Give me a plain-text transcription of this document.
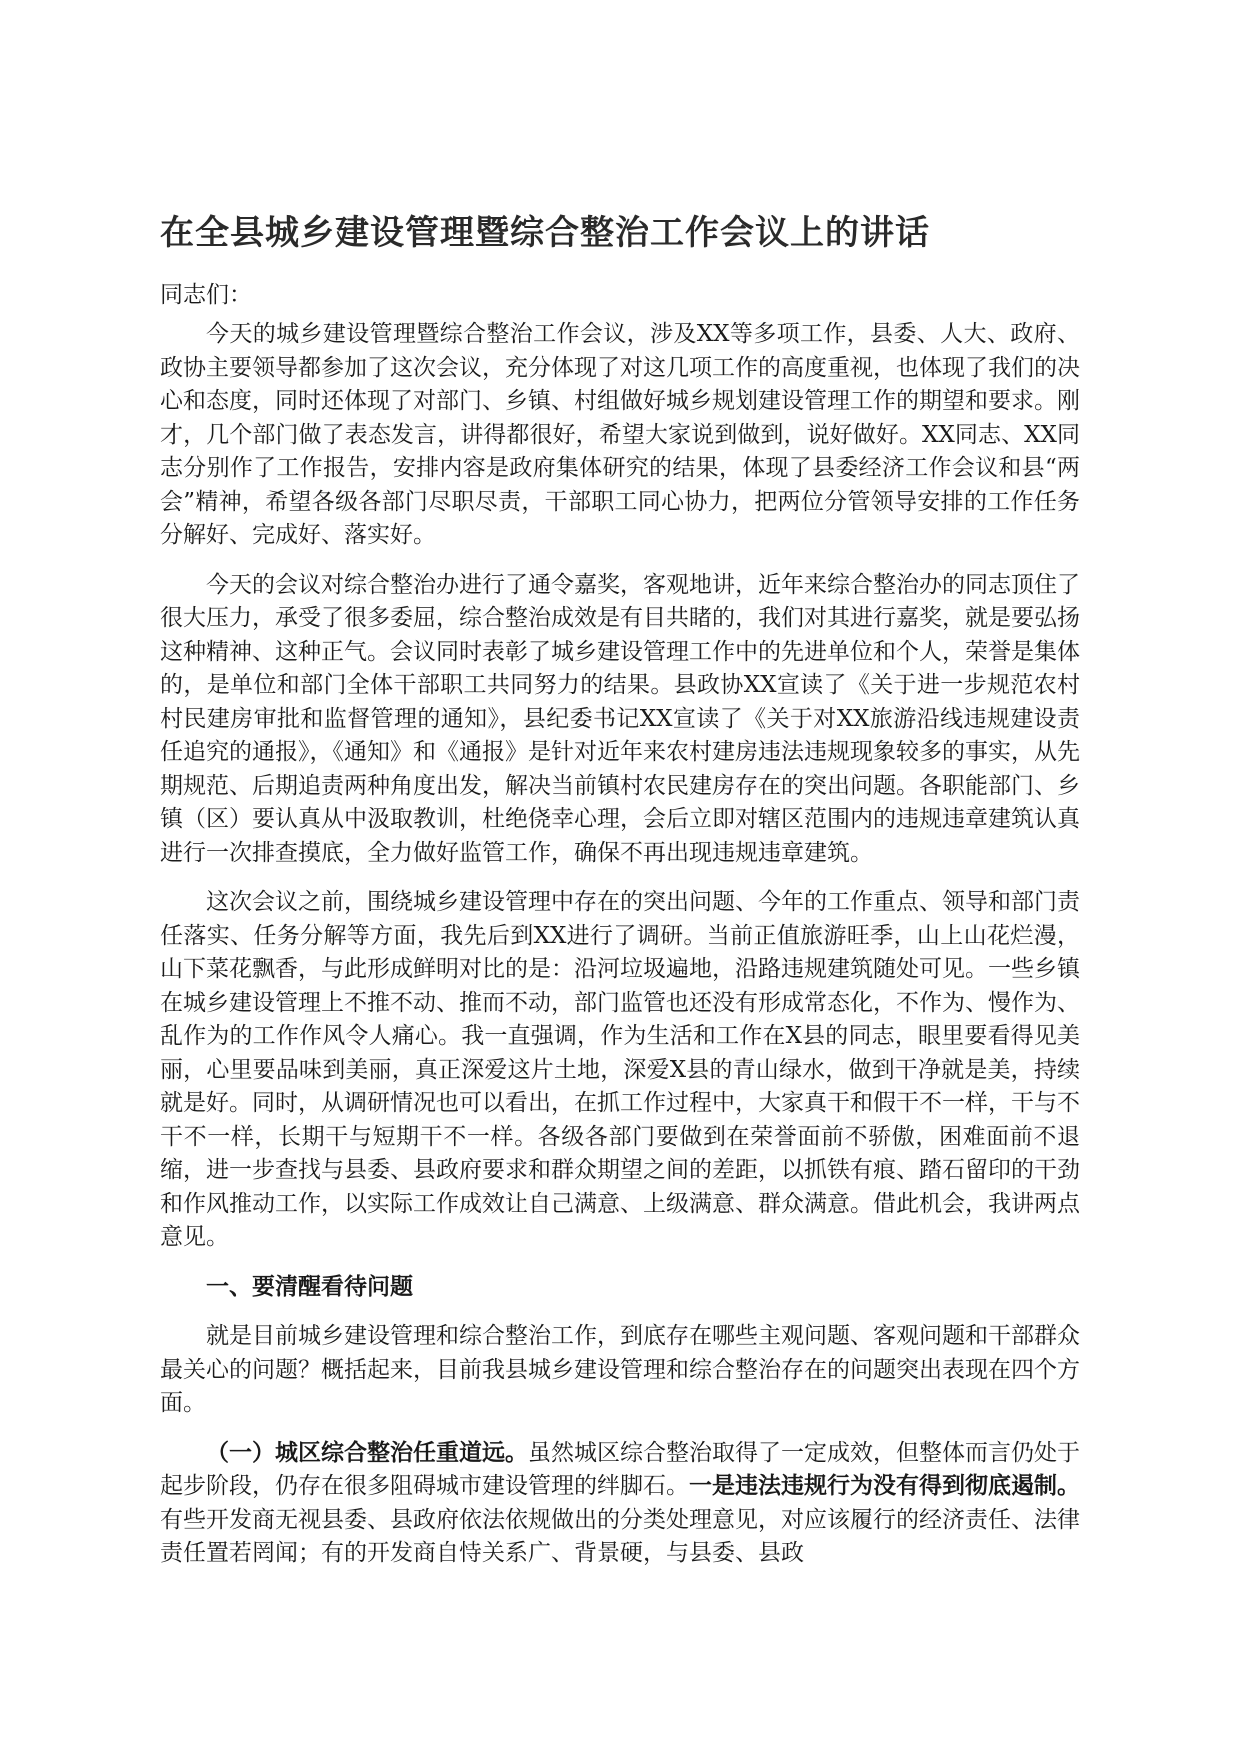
在全县城乡建设管理暨综合整治工作会议上的讲话
同志们：

今天的城乡建设管理暨综合整治工作会议，涉及XX等多项工作，县委、人大、政府、政协主要领导都参加了这次会议，充分体现了对这几项工作的高度重视，也体现了我们的决心和态度，同时还体现了对部门、乡镇、村组做好城乡规划建设管理工作的期望和要求。刚才，几个部门做了表态发言，讲得都很好，希望大家说到做到，说好做好。XX同志、XX同志分别作了工作报告，安排内容是政府集体研究的结果，体现了县委经济工作会议和县“两会”精神，希望各级各部门尽职尽责，干部职工同心协力，把两位分管领导安排的工作任务分解好、完成好、落实好。

今天的会议对综合整治办进行了通令嘉奖，客观地讲，近年来综合整治办的同志顶住了很大压力，承受了很多委屈，综合整治成效是有目共睹的，我们对其进行嘉奖，就是要弘扬这种精神、这种正气。会议同时表彰了城乡建设管理工作中的先进单位和个人，荣誉是集体的，是单位和部门全体干部职工共同努力的结果。县政协XX宣读了《关于进一步规范农村村民建房审批和监督管理的通知》，县纪委书记XX宣读了《关于对XX旅游沿线违规建设责任追究的通报》，《通知》和《通报》是针对近年来农村建房违法违规现象较多的事实，从先期规范、后期追责两种角度出发，解决当前镇村农民建房存在的突出问题。各职能部门、乡镇（区）要认真从中汲取教训，杜绝侥幸心理，会后立即对辖区范围内的违规违章建筑认真进行一次排查摸底，全力做好监管工作，确保不再出现违规违章建筑。

这次会议之前，围绕城乡建设管理中存在的突出问题、今年的工作重点、领导和部门责任落实、任务分解等方面，我先后到XX进行了调研。当前正值旅游旺季，山上山花烂漫，山下菜花飘香，与此形成鲜明对比的是：沿河垃圾遍地，沿路违规建筑随处可见。一些乡镇在城乡建设管理上不推不动、推而不动，部门监管也还没有形成常态化，不作为、慢作为、乱作为的工作作风令人痛心。我一直强调，作为生活和工作在X县的同志，眼里要看得见美丽，心里要品味到美丽，真正深爱这片土地，深爱X县的青山绿水，做到干净就是美，持续就是好。同时，从调研情况也可以看出，在抓工作过程中，大家真干和假干不一样，干与不干不一样，长期干与短期干不一样。各级各部门要做到在荣誉面前不骄傲，困难面前不退缩，进一步查找与县委、县政府要求和群众期望之间的差距，以抓铁有痕、踏石留印的干劲和作风推动工作，以实际工作成效让自己满意、上级满意、群众满意。借此机会，我讲两点意见。

一、要清醒看待问题

就是目前城乡建设管理和综合整治工作，到底存在哪些主观问题、客观问题和干部群众最关心的问题？概括起来，目前我县城乡建设管理和综合整治存在的问题突出表现在四个方面。

（一）城区综合整治任重道远。虽然城区综合整治取得了一定成效，但整体而言仍处于起步阶段，仍存在很多阻碍城市建设管理的绊脚石。一是违法违规行为没有得到彻底遏制。有些开发商无视县委、县政府依法依规做出的分类处理意见，对应该履行的经济责任、法律责任置若罔闻；有的开发商自恃关系广、背景硬，与县委、县政
